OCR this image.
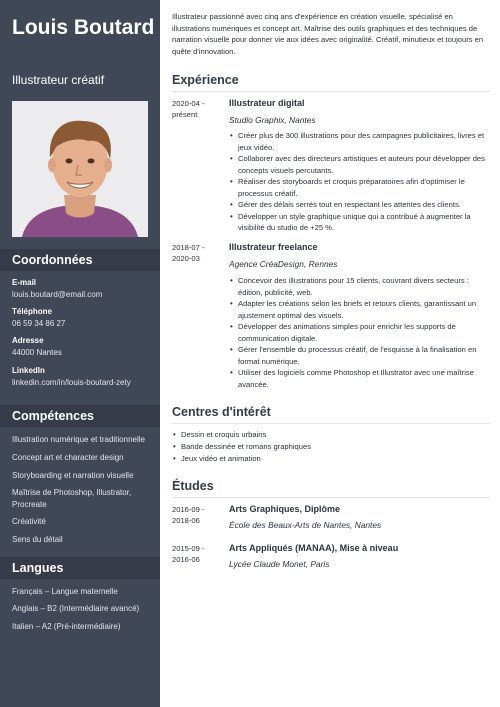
Louis Boutard
Illustrateur créatif
Coordonnées
E-mail
louis.boutard@email.com
Téléphone
06 59 34 86 27
Adresse
44000 Nantes
LinkedIn
linkedin.com/in/louis-boutard-zety
Compétences
Illustration numérique et traditionnelle
Concept art et character design
Storyboarding et narration visuelle
Maîtrise de Photoshop, Illustrator, Procreate
Créativité
Sens du détail
Langues
Français – Langue maternelle
Anglais – B2 (Intermédiaire avancé)
Italien – A2 (Pré-intermédiaire)
Illustrateur passionné avec cinq ans d'expérience en création visuelle, spécialisé en illustrations numériques et concept art. Maîtrise des outils graphiques et des techniques de narration visuelle pour donner vie aux idées avec originalité. Créatif, minutieux et toujours en quête d'innovation.
Expérience
2020-04 - présent
Illustrateur digital
Studio Graphix, Nantes
• Créer plus de 300 illustrations pour des campagnes publicitaires, livres et jeux vidéo.
• Collaborer avec des directeurs artistiques et auteurs pour développer des concepts visuels percutants.
• Réaliser des storyboards et croquis préparatoires afin d'optimiser le processus créatif.
• Gérer des délais serrés tout en respectant les attentes des clients.
• Développer un style graphique unique qui a contribué à augmenter la visibilité du studio de +25 %.
2018-07 - 2020-03
Illustrateur freelance
Agence CréaDesign, Rennes
• Concevoir des illustrations pour 15 clients, couvrant divers secteurs : édition, publicité, web.
• Adapter les créations selon les briefs et retours clients, garantissant un ajustement optimal des visuels.
• Développer des animations simples pour enrichir les supports de communication digitale.
• Gérer l'ensemble du processus créatif, de l'esquisse à la finalisation en format numérique.
• Utiliser des logiciels comme Photoshop et Illustrator avec une maîtrise avancée.
Centres d'intérêt
• Dessin et croquis urbains
• Bande dessinée et romans graphiques
• Jeux vidéo et animation
Études
2016-09 - 2018-06
Arts Graphiques, Diplôme
École des Beaux-Arts de Nantes, Nantes
2015-09 - 2016-06
Arts Appliqués (MANAA), Mise à niveau
Lycée Claude Monet, Paris
